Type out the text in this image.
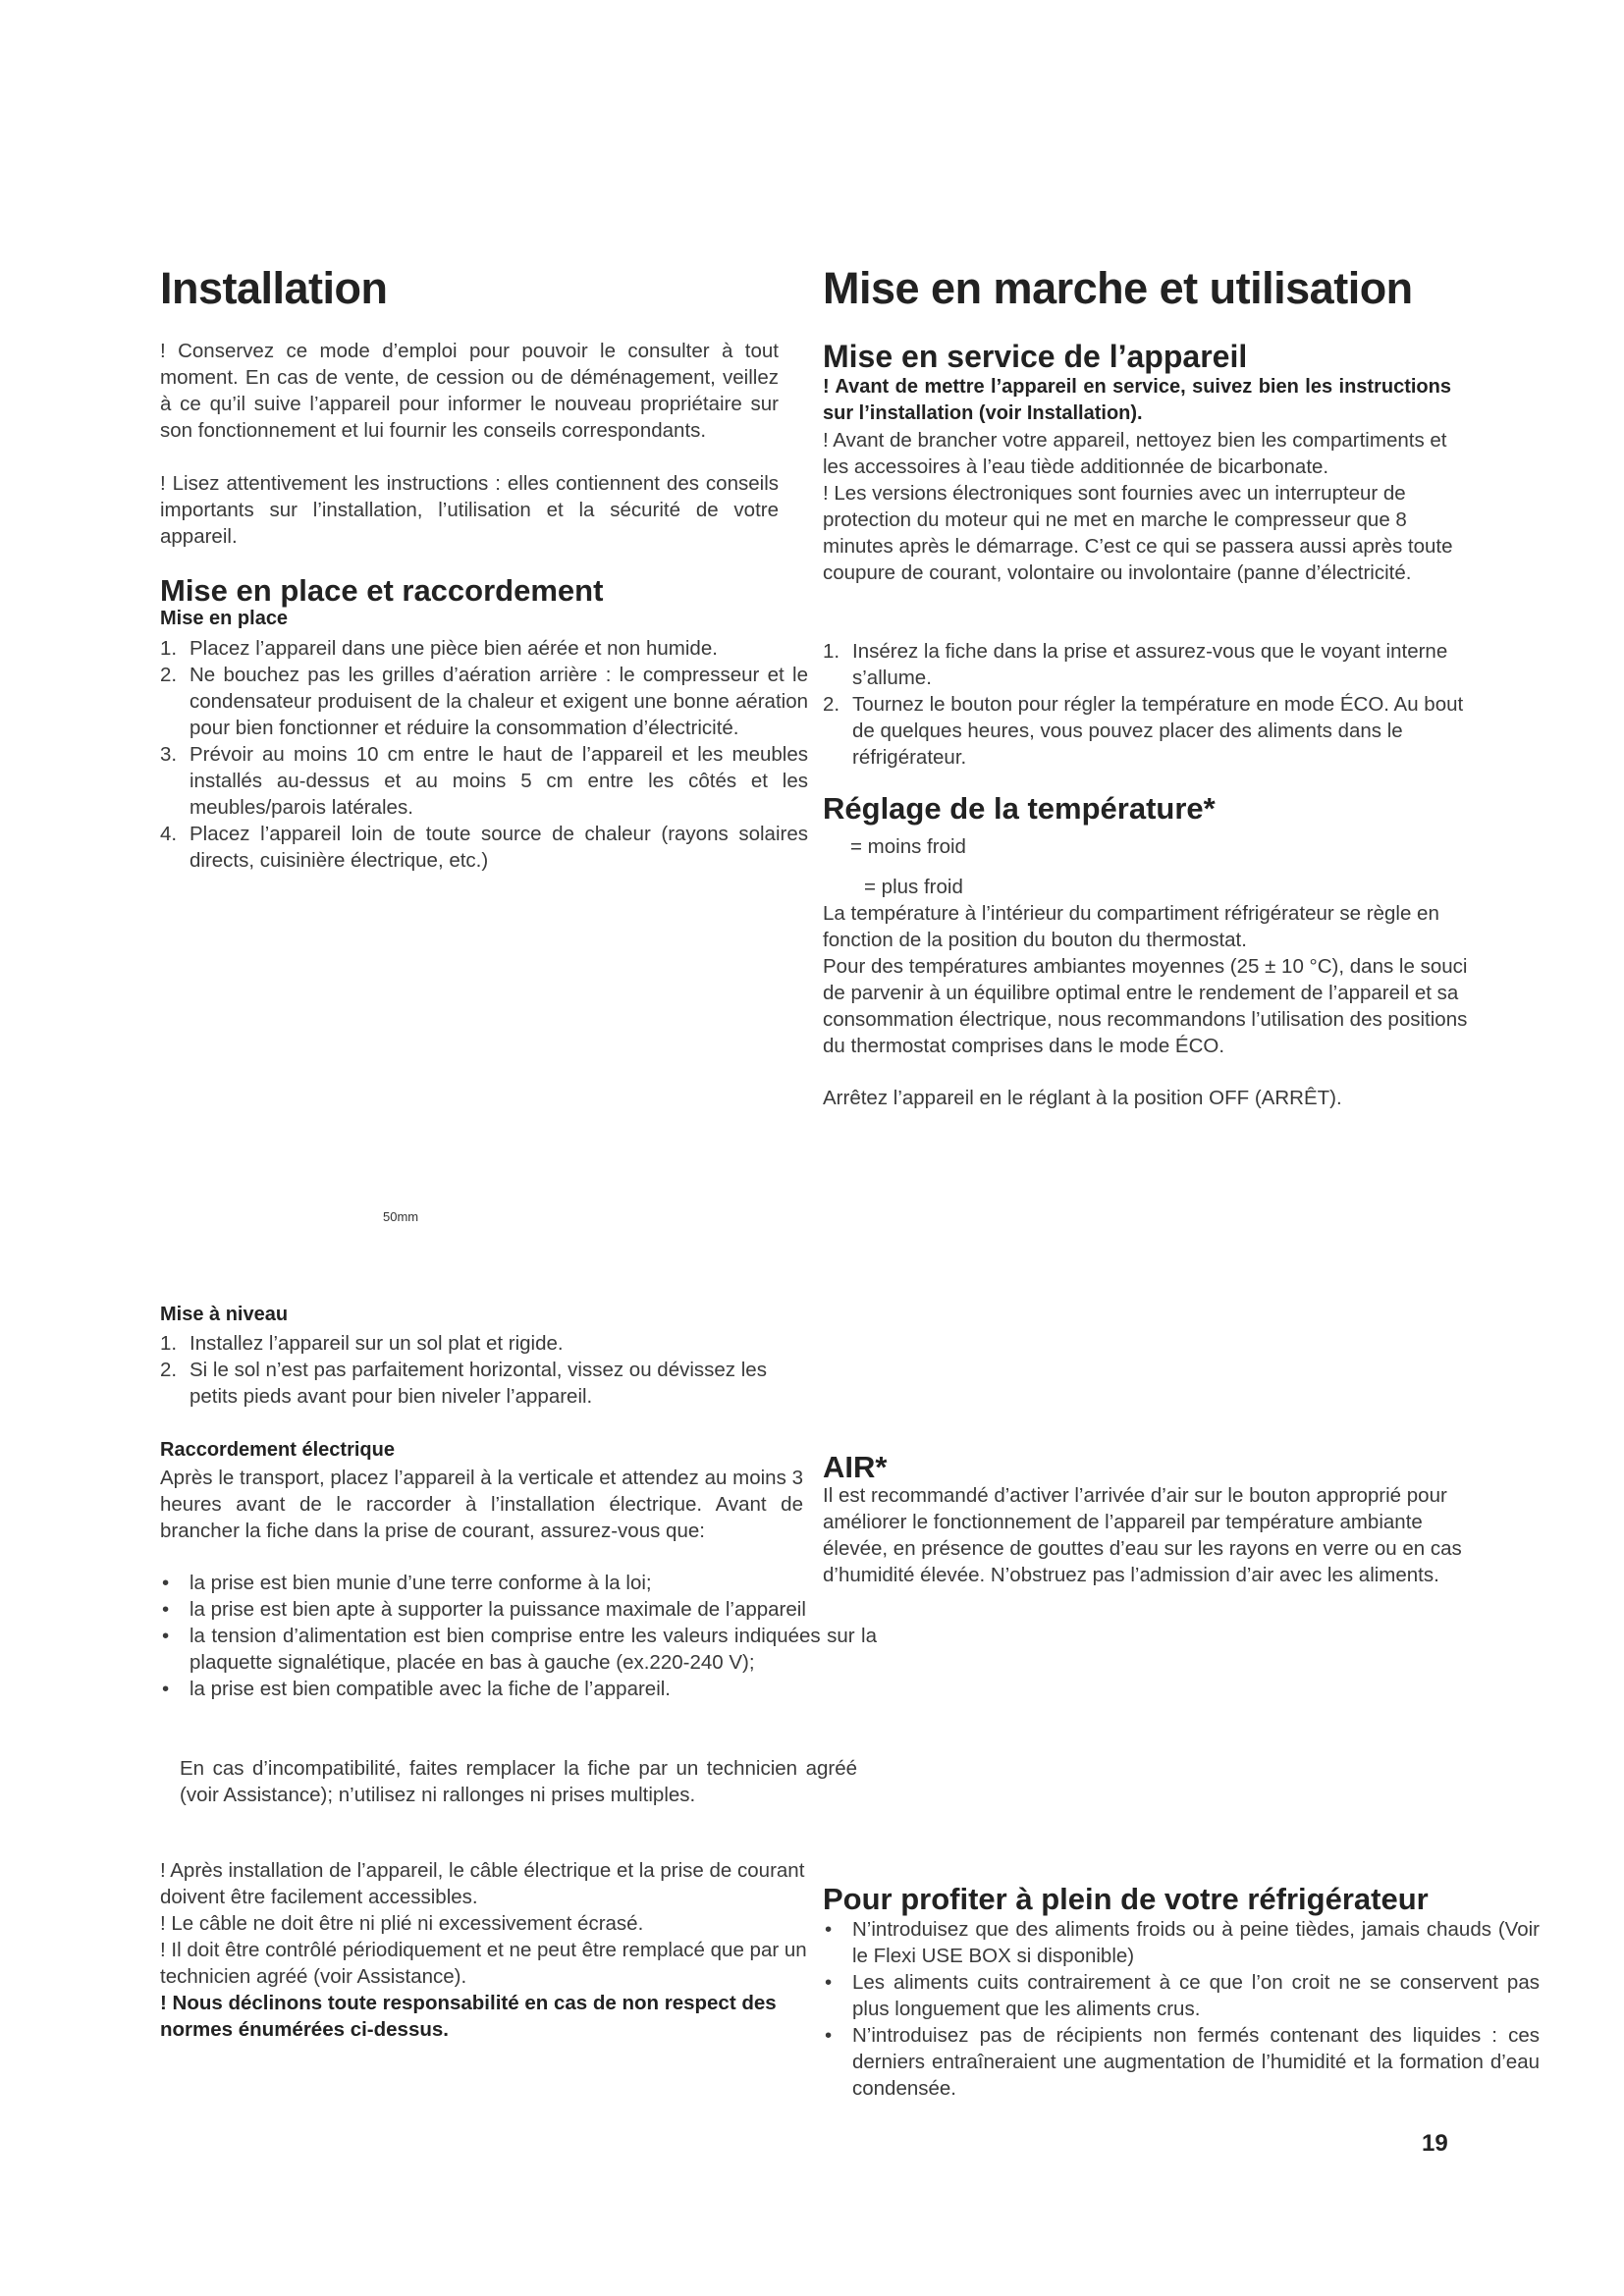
Installation

! Conservez ce mode d’emploi pour pouvoir le consulter à tout moment. En cas de vente, de cession ou de déménagement, veillez à ce qu’il suive l’appareil pour informer le nouveau propriétaire sur son fonctionnement et lui fournir les conseils correspondants.

! Lisez attentivement les instructions : elles contiennent des conseils importants sur l’installation, l’utilisation et la sécurité de votre appareil.

Mise en place et raccordement
Mise en place
1. Placez l’appareil dans une pièce bien aérée et non humide.
2. Ne bouchez pas les grilles d’aération arrière : le compresseur et le condensateur produisent de la chaleur et exigent une bonne aération pour bien fonctionner et réduire la consommation d’électricité.
3. Prévoir au moins 10 cm entre le haut de l’appareil et les meubles installés au-dessus et au moins 5 cm entre les côtés et les meubles/parois latérales.
4. Placez l’appareil loin de toute source de chaleur (rayons solaires directs, cuisinière électrique, etc.)
50mm
Mise à niveau
1. Installez l’appareil sur un sol plat et rigide.
2. Si le sol n’est pas parfaitement horizontal, vissez ou dévissez les petits pieds avant pour bien niveler l’appareil.
Raccordement électrique

Après le transport, placez l’appareil à la verticale et attendez au moins 3 heures avant de le raccorder à l’installation électrique. Avant de brancher la fiche dans la prise de courant, assurez-vous que:

• la prise est bien munie d’une terre conforme à la loi;
• la prise est bien apte à supporter la puissance maximale de l’appareil
• la tension d’alimentation est bien comprise entre les valeurs indiquées sur la plaquette signalétique, placée en bas à gauche (ex.220-240 V);
• la prise est bien compatible avec la fiche de l’appareil.

En cas d’incompatibilité, faites remplacer la fiche par un technicien agréé (voir Assistance); n’utilisez ni rallonges ni prises multiples.

! Après installation de l’appareil, le câble électrique et la prise de courant doivent être facilement accessibles.

! Le câble ne doit être ni plié ni excessivement écrasé.

! Il doit être contrôlé périodiquement et ne peut être remplacé que par un technicien agréé (voir Assistance).

! Nous déclinons toute responsabilité en cas de non respect des normes énumérées ci-dessus.

Mise en marche et utilisation
Mise en service de l’appareil

! Avant de mettre l’appareil en service, suivez bien les instructions sur l’installation (voir Installation).

! Avant de brancher votre appareil, nettoyez bien les compartiments et les accessoires à l’eau tiède additionnée de bicarbonate.

! Les versions électroniques sont fournies avec un interrupteur de protection du moteur qui ne met en marche le compresseur que 8 minutes après le démarrage. C’est ce qui se passera aussi après toute coupure de courant, volontaire ou involontaire (panne d’électricité.

1. Insérez la fiche dans la prise et assurez-vous que le voyant interne s’allume.
2. Tournez le bouton pour régler la température en mode ÉCO. Au bout de quelques heures, vous pouvez placer des aliments dans le réfrigérateur.
Réglage de la température*

= moins froid

= plus froid

La température à l’intérieur du compartiment réfrigérateur se règle en fonction de la position du bouton du thermostat.

Pour des températures ambiantes moyennes (25 ± 10 °C), dans le souci de parvenir à un équilibre optimal entre le rendement de l’appareil et sa consommation électrique, nous recommandons l’utilisation des positions du thermostat comprises dans le mode ÉCO.

Arrêtez l’appareil en le réglant à la position OFF (ARRÊT).

AIR*

Il est recommandé d’activer l’arrivée d’air sur le bouton approprié pour améliorer le fonctionnement de l’appareil par température ambiante élevée, en présence de gouttes d’eau sur les rayons en verre ou en cas d’humidité élevée. N’obstruez pas l’admission d’air avec les aliments.

Pour profiter à plein de votre réfrigérateur
• N’introduisez que des aliments froids ou à peine tièdes, jamais chauds (Voir le Flexi USE BOX si disponible)
• Les aliments cuits contrairement à ce que l’on croit ne se conservent pas plus longuement que les aliments crus.
• N’introduisez pas de récipients non fermés contenant des liquides : ces derniers entraîneraient une augmentation de l’humidité et la formation d’eau condensée.
19
